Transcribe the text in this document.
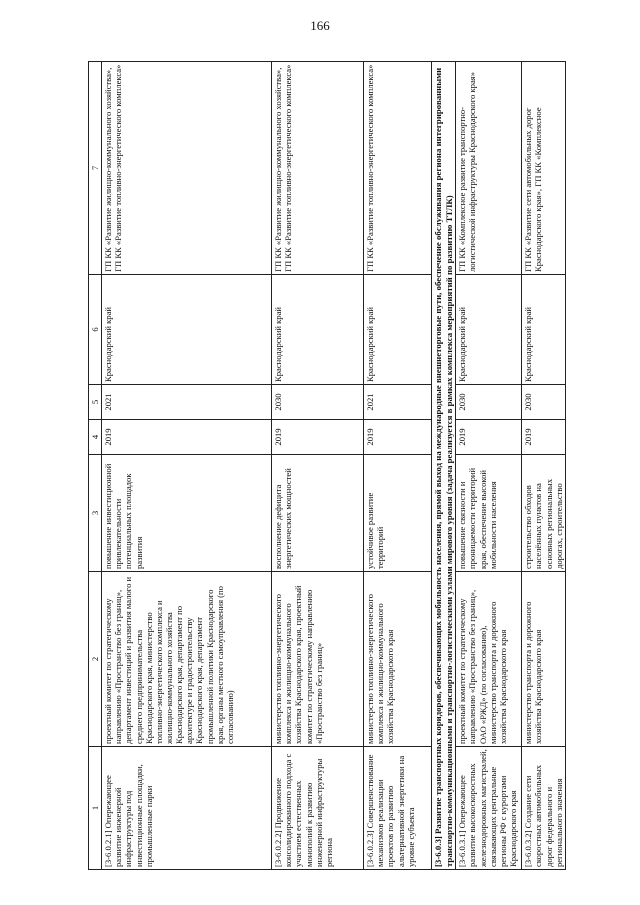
166
1	2	3	4	5	6	7
[3-6.0.2.1] Опережающее развитие инженерной инфраструктуры под инвестиционные площадки, промышленные парки	проектный комитет по стратегическому направлению «Пространство без границ», департамент инвестиций и развития малого и среднего предпринимательства Краснодарского края, министерство топливно-энергетического комплекса и жилищно-коммунального хозяйства Краснодарского края, департамент по архитектуре и градостроительству Краснодарского края, департамент промышленной политики Краснодарского края, органы местного самоуправления (по согласованию)	повышение инвестиционной привлекательности потенциальных площадок развития	2019	2021	Краснодарский край	ГП КК «Развитие жилищно-коммунального хозяйства», ГП КК «Развитие топливно-энергетического комплекса»
[3-6.0.2.2] Продвижение консолидированного подхода с участием естественных монополий к развитию инженерной инфраструктуры региона	министерство топливно-энергетического комплекса и жилищно-коммунального хозяйства Краснодарского края, проектный комитет по стратегическому направлению «Пространство без границ»	восполнение дефицита энергетических мощностей	2019	2030	Краснодарский край	ГП КК «Развитие жилищно-коммунального хозяйства», ГП КК «Развитие топливно-энергетического комплекса»
[3-6.0.2.3] Совершенствование механизмов реализации проектов по развитию альтернативной энергетики на уровне субъекта	министерство топливно-энергетического комплекса и жилищно-коммунального хозяйства Краснодарского края	устойчивое развитие территорий	2019	2021	Краснодарский край	ГП КК «Развитие топливно-энергетического комплекса»
[3-6.0.3] Развитие транспортных коридоров, обеспечивающих мобильность населения, прямой выход на международные внешнеторговые пути, обеспечение обслуживания региона интегрированными транспортно-коммуникационными и транспортно-логистическими узлами мирового уровня (задача реализуется в рамках комплекса мероприятий по развитию ТТЛК)						
[3-6.0.3.1] Опережающее развитие высокоскоростных железнодорожных магистралей, связывающих центральные регионы РФ с курортами Краснодарского края	проектный комитет по стратегическому направлению «Пространство без границ», ОАО «РЖД» (по согласованию), министерство транспорта и дорожного хозяйства Краснодарского края	повышение связности и проницаемости территорий края, обеспечение высокой мобильности населения	2019	2030	Краснодарский край	ГП КК «Комплексное развитие транспортно-логистической инфраструктуры Краснодарского края»
[3-6.0.3.2] Создание сети скоростных автомобильных дорог федерального и регионального значения	министерство транспорта и дорожного хозяйства Краснодарского края	строительство обходов населённых пунктов на основных региональных дорогах, строительство	2019	2030	Краснодарский край	ГП КК «Развитие сети автомобильных дорог Краснодарского края», ГП КК «Комплексное
